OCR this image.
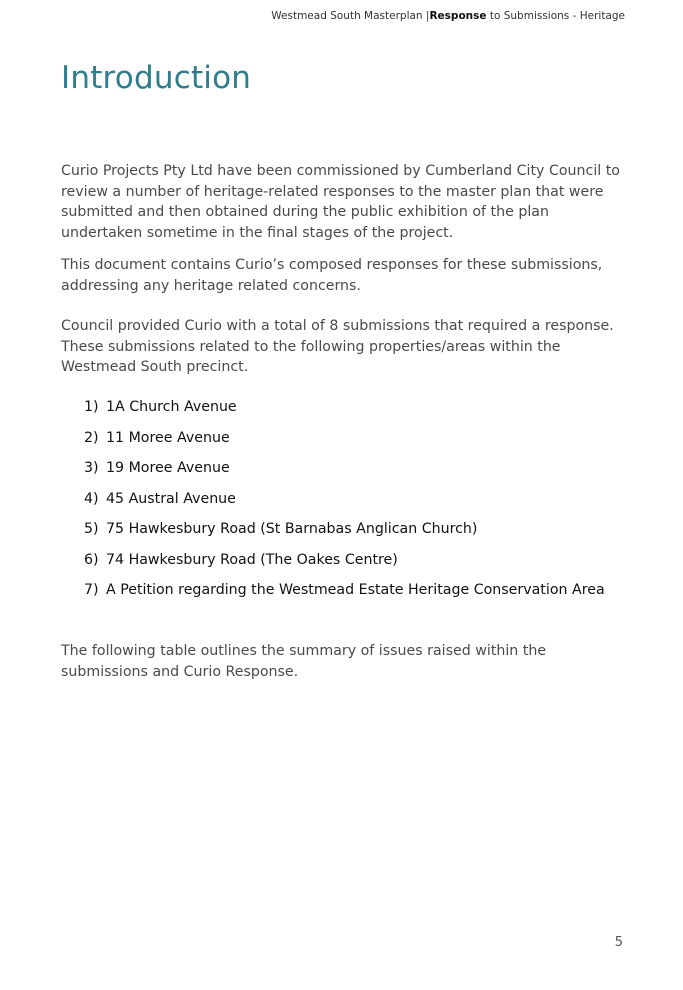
Westmead South Masterplan |Response to Submissions - Heritage
Introduction

Curio Projects Pty Ltd have been commissioned by Cumberland City Council to review a number of heritage-related responses to the master plan that were submitted and then obtained during the public exhibition of the plan undertaken sometime in the final stages of the project.

This document contains Curio’s composed responses for these submissions, addressing any heritage related concerns.

Council provided Curio with a total of 8 submissions that required a response. These submissions related to the following properties/areas within the Westmead South precinct.

1) 1A Church Avenue
2) 11 Moree Avenue
3) 19 Moree Avenue
4) 45 Austral Avenue
5) 75 Hawkesbury Road (St Barnabas Anglican Church)
6) 74 Hawkesbury Road (The Oakes Centre)
7) A Petition regarding the Westmead Estate Heritage Conservation Area

The following table outlines the summary of issues raised within the submissions and Curio Response.

5
